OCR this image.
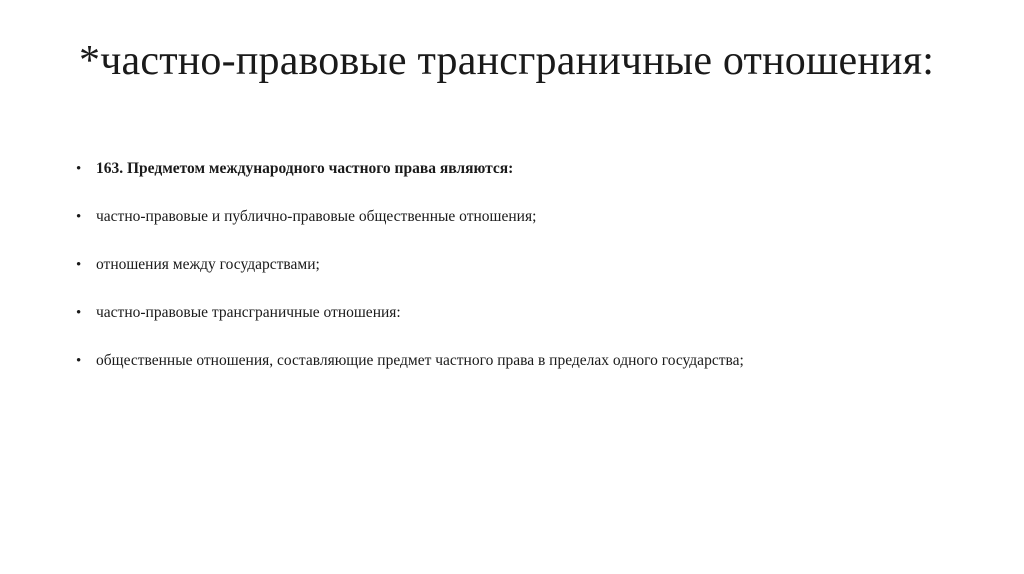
*частно-правовые трансграничные отношения:
• 163. Предметом международного частного права являются:
• частно-правовые и публично-правовые общественные отношения;
• отношения между государствами;
• частно-правовые трансграничные отношения:
• общественные отношения, составляющие предмет частного права в пределах одного государства;
